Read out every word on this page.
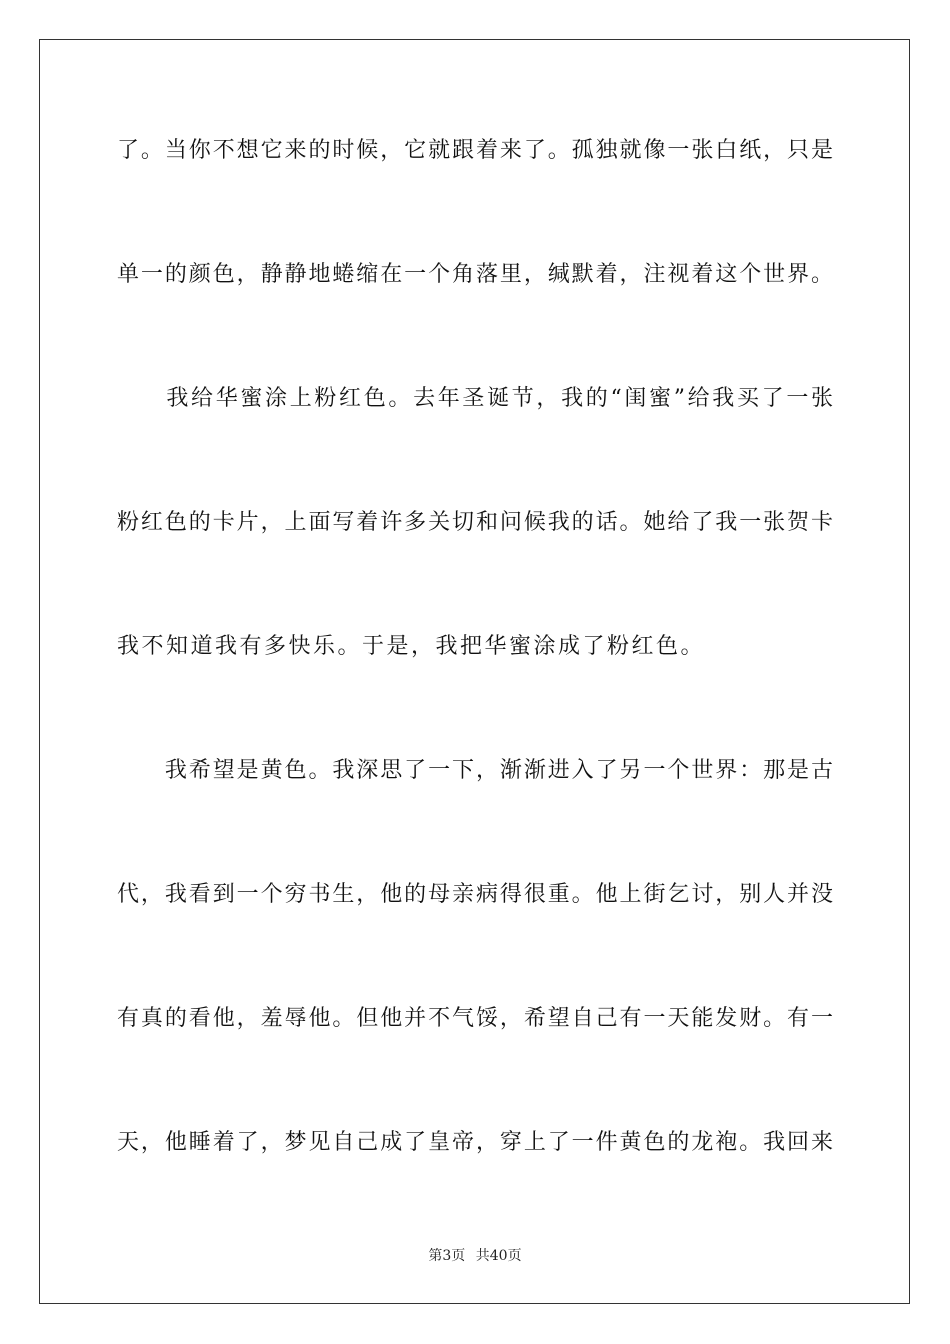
了。当你不想它来的时候，它就跟着来了。孤独就像一张白纸，只是
单一的颜色，静静地蜷缩在一个角落里，缄默着，注视着这个世界。
　　我给华蜜涂上粉红色。去年圣诞节，我的“闺蜜”给我买了一张
粉红色的卡片，上面写着许多关切和问候我的话。她给了我一张贺卡
我不知道我有多快乐。于是，我把华蜜涂成了粉红色。
　　我希望是黄色。我深思了一下，渐渐进入了另一个世界：那是古
代，我看到一个穷书生，他的母亲病得很重。他上街乞讨，别人并没
有真的看他，羞辱他。但他并不气馁，希望自己有一天能发财。有一
天，他睡着了，梦见自己成了皇帝，穿上了一件黄色的龙袍。我回来
第3页 共40页
